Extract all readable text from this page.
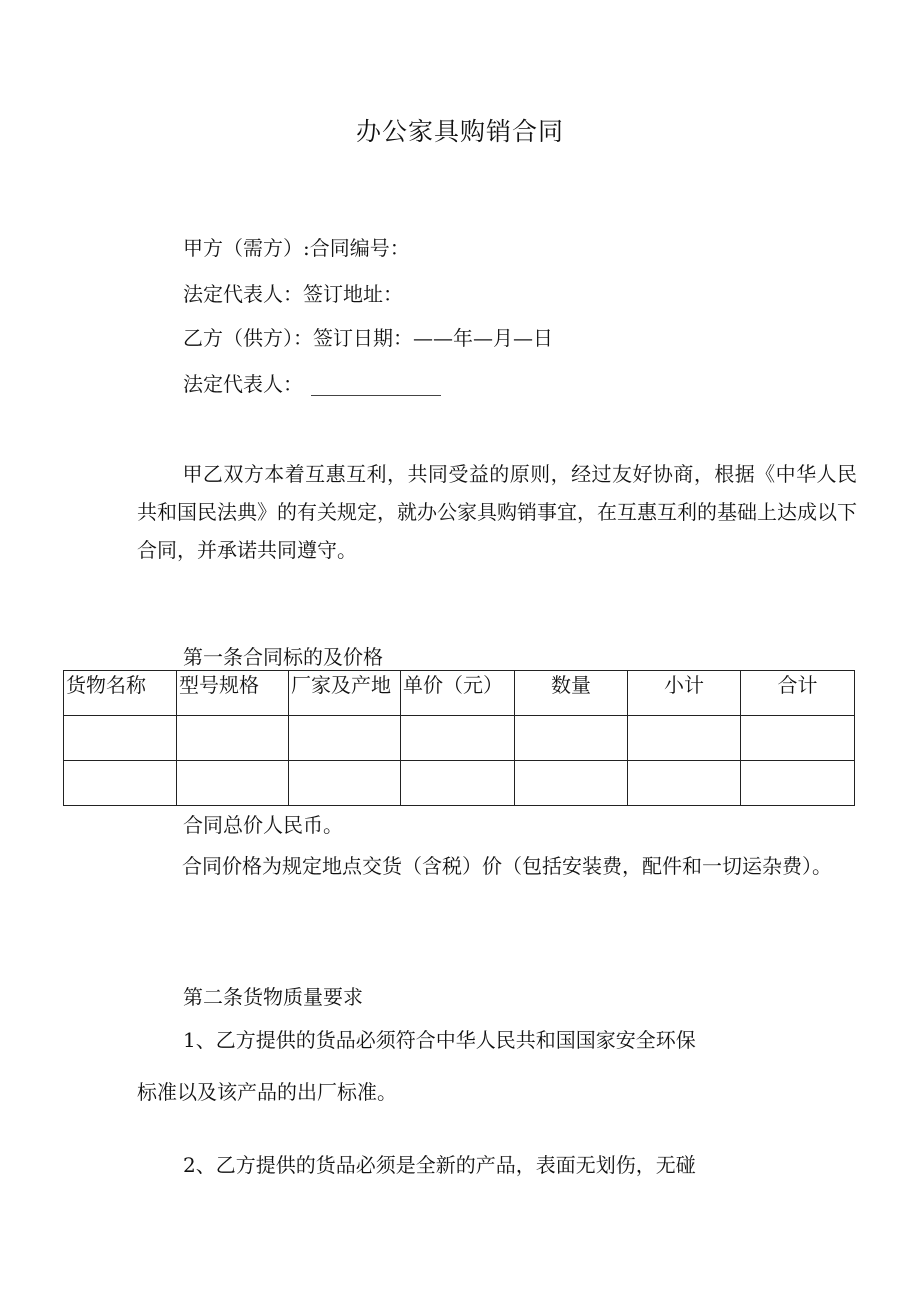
办公家具购销合同
甲方（需方）:合同编号：
法定代表人：签订地址：
乙方（供方）：签订日期：——年—月—日
法定代表人：
甲乙双方本着互惠互利，共同受益的原则，经过友好协商，根据《中华人民共和国民法典》的有关规定，就办公家具购销事宜，在互惠互利的基础上达成以下合同，并承诺共同遵守。
第一条合同标的及价格
货物名称	型号规格	厂家及产地	单价（元）	数量	小计	合计

合同总价人民币。
合同价格为规定地点交货（含税）价（包括安装费，配件和一切运杂费）。
第二条货物质量要求
1、乙方提供的货品必须符合中华人民共和国国家安全环保
标准以及该产品的出厂标准。
2、乙方提供的货品必须是全新的产品，表面无划伤，无碰
